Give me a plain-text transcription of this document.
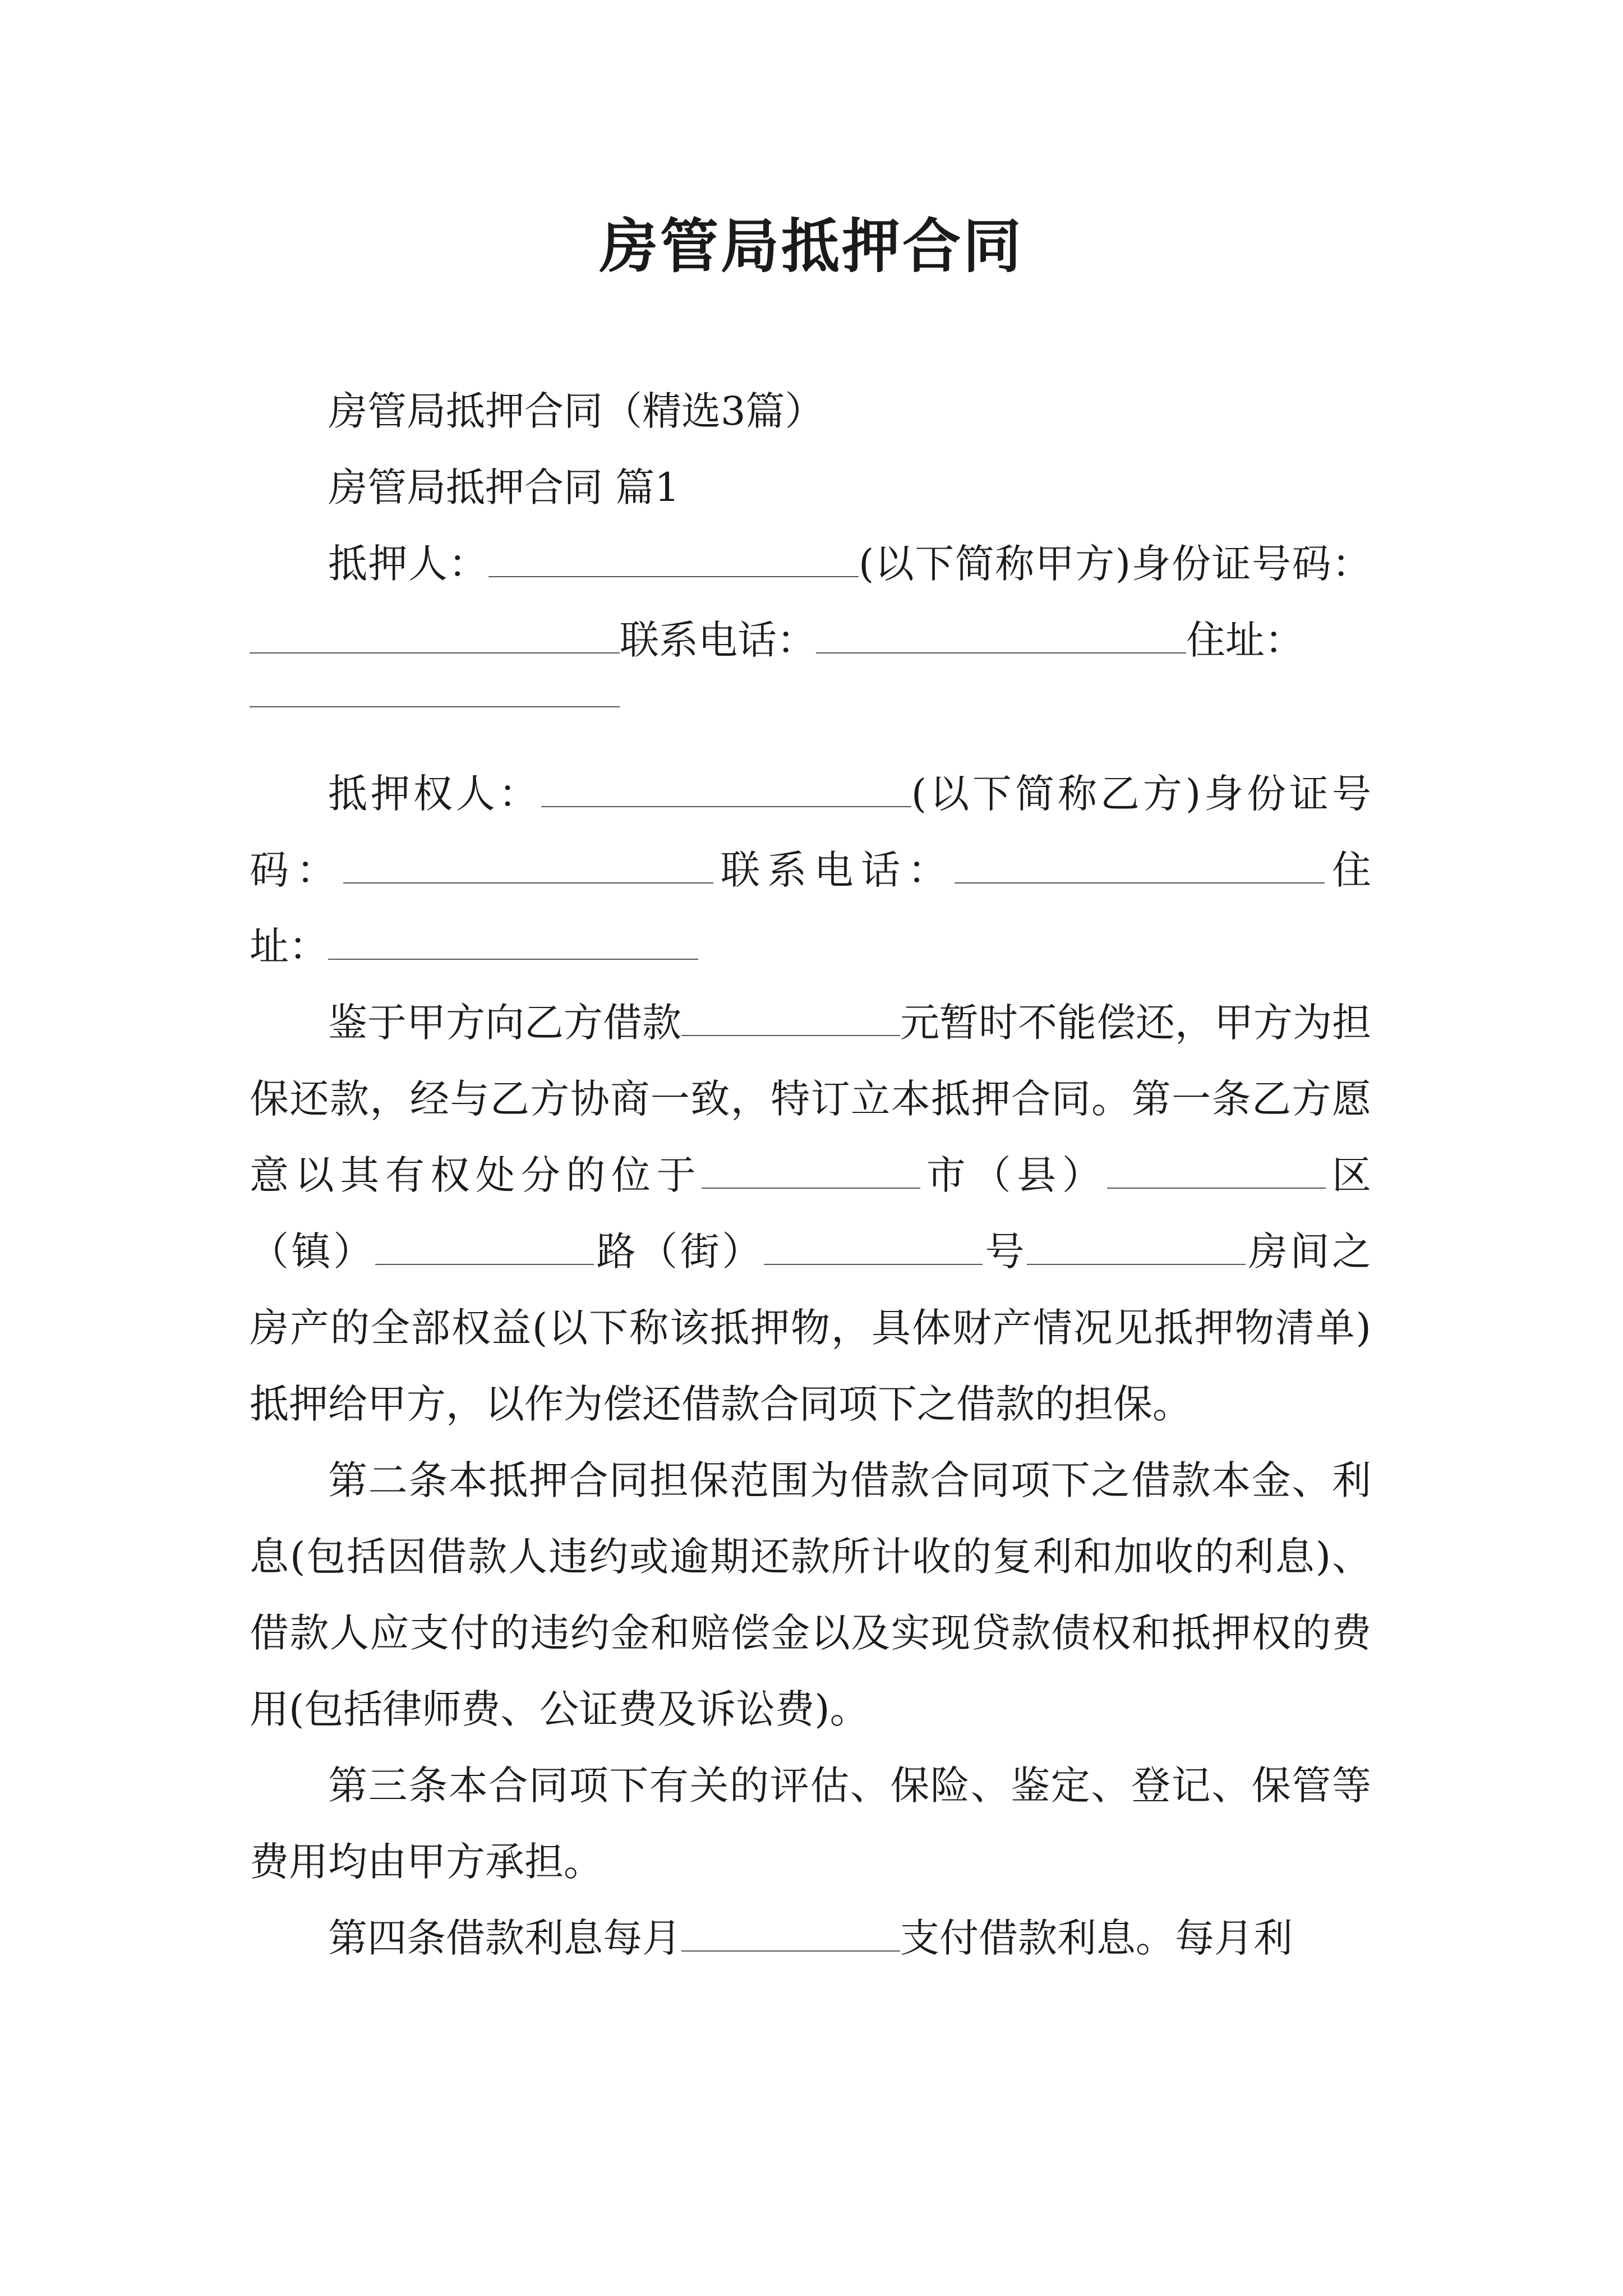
房管局抵押合同

房管局抵押合同（精选3篇）

房管局抵押合同 篇1

抵押人：	(以下简称甲方)身份证号码：联系电话：	住址：

抵押权人：	(以下简称乙方)身份证号码：	联系电话：	住址：

鉴于甲方向乙方借款	元暂时不能偿还，甲方为担保还款，经与乙方协商一致，特订立本抵押合同。第一条乙方愿意以其有权处分的位于	市（县）	区（镇）	路（街）	号	房间之房产的全部权益(以下称该抵押物，具体财产情况见抵押物清单)抵押给甲方，以作为偿还借款合同项下之借款的担保。

第二条本抵押合同担保范围为借款合同项下之借款本金、利息(包括因借款人违约或逾期还款所计收的复利和加收的利息)、借款人应支付的违约金和赔偿金以及实现贷款债权和抵押权的费用(包括律师费、公证费及诉讼费)。

第三条本合同项下有关的评估、保险、鉴定、登记、保管等费用均由甲方承担。

第四条借款利息每月	支付借款利息。每月利
